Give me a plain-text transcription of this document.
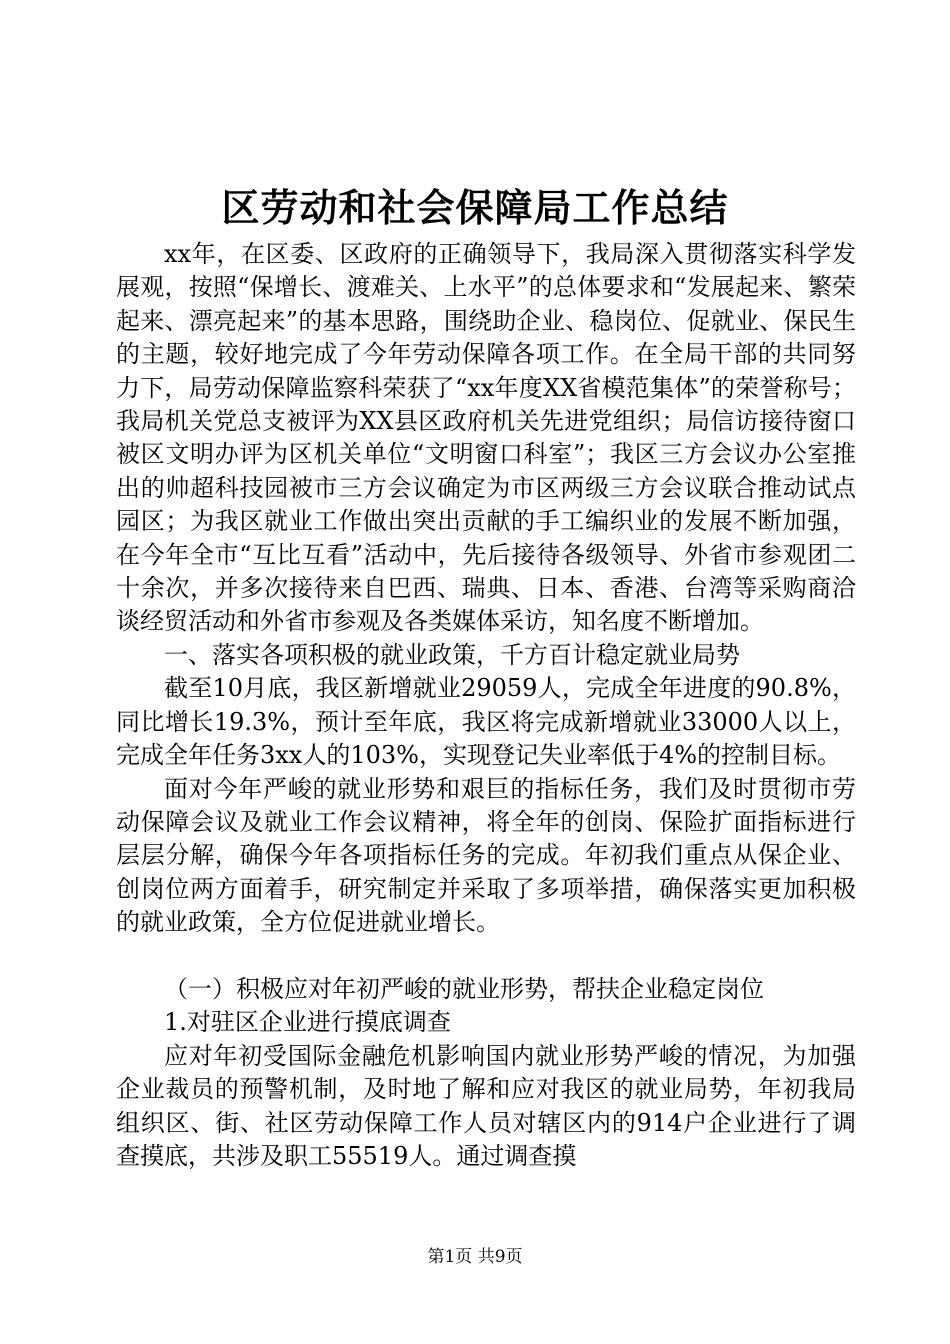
区劳动和社会保障局工作总结

xx年，在区委、区政府的正确领导下，我局深入贯彻落实科学发展观，按照“保增长、渡难关、上水平”的总体要求和“发展起来、繁荣起来、漂亮起来”的基本思路，围绕助企业、稳岗位、促就业、保民生的主题，较好地完成了今年劳动保障各项工作。在全局干部的共同努力下，局劳动保障监察科荣获了“xx年度XX省模范集体”的荣誉称号；我局机关党总支被评为XX县区政府机关先进党组织；局信访接待窗口被区文明办评为区机关单位“文明窗口科室”；我区三方会议办公室推出的帅超科技园被市三方会议确定为市区两级三方会议联合推动试点园区；为我区就业工作做出突出贡献的手工编织业的发展不断加强，在今年全市“互比互看”活动中，先后接待各级领导、外省市参观团二十余次，并多次接待来自巴西、瑞典、日本、香港、台湾等采购商洽谈经贸活动和外省市参观及各类媒体采访，知名度不断增加。

一、落实各项积极的就业政策，千方百计稳定就业局势

截至10月底，我区新增就业29059人，完成全年进度的90.8%，同比增长19.3%，预计至年底，我区将完成新增就业33000人以上，完成全年任务3xx人的103%，实现登记失业率低于4%的控制目标。

面对今年严峻的就业形势和艰巨的指标任务，我们及时贯彻市劳动保障会议及就业工作会议精神，将全年的创岗、保险扩面指标进行层层分解，确保今年各项指标任务的完成。年初我们重点从保企业、创岗位两方面着手，研究制定并采取了多项举措，确保落实更加积极的就业政策，全方位促进就业增长。

（一）积极应对年初严峻的就业形势，帮扶企业稳定岗位

1.对驻区企业进行摸底调查

应对年初受国际金融危机影响国内就业形势严峻的情况，为加强企业裁员的预警机制，及时地了解和应对我区的就业局势，年初我局组织区、街、社区劳动保障工作人员对辖区内的914户企业进行了调查摸底，共涉及职工55519人。通过调查摸

第1页 共9页
